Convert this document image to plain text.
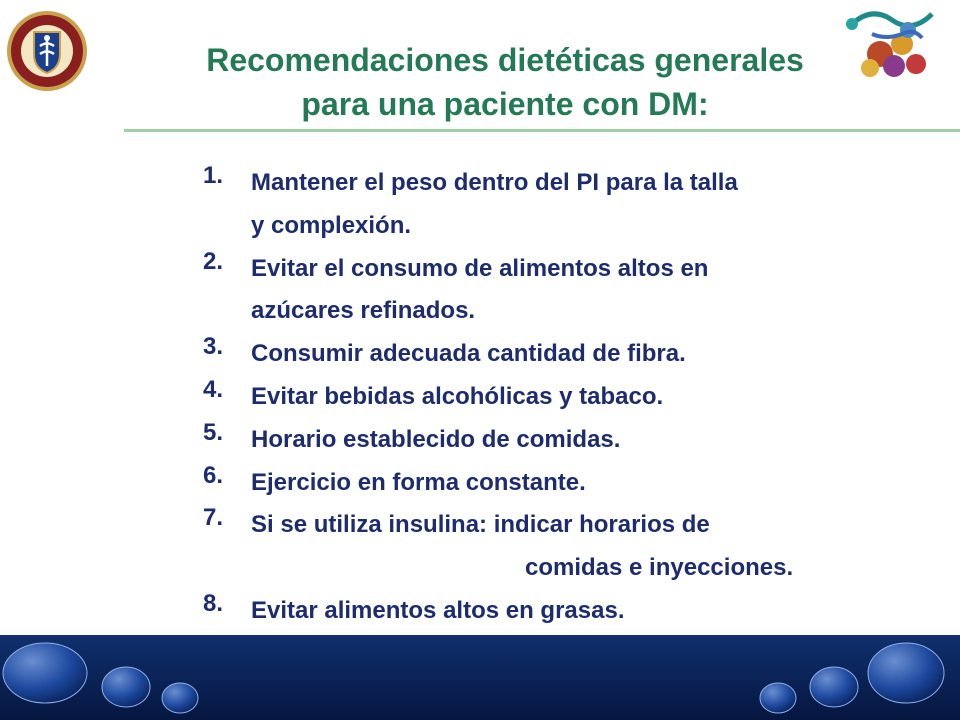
Recomendaciones dietéticas generales
para una paciente con DM:
1.	Mantener el peso dentro del PI para la talla
y complexión.
2.	Evitar el consumo de alimentos altos en
azúcares refinados.
3.	Consumir adecuada cantidad de fibra.
4.	Evitar bebidas alcohólicas y tabaco.
5.	Horario establecido de comidas.
6.	Ejercicio en forma constante.
7.	Si se utiliza insulina: indicar horarios de
comidas e inyecciones.
8.	Evitar alimentos altos en grasas.
